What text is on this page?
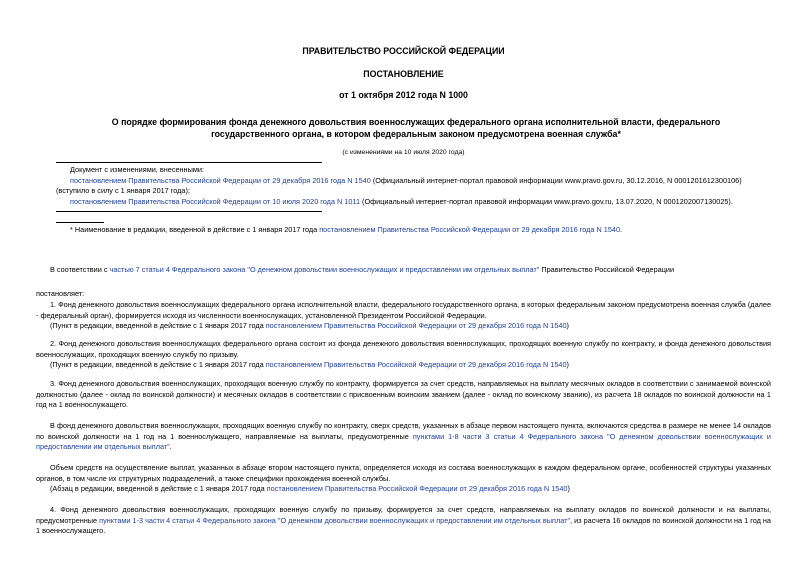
ПРАВИТЕЛЬСТВО РОССИЙСКОЙ ФЕДЕРАЦИИ
ПОСТАНОВЛЕНИЕ
от 1 октября 2012 года N 1000
О порядке формирования фонда денежного довольствия военнослужащих федерального органа исполнительной власти, федерального государственного органа, в котором федеральным законом предусмотрена военная служба*
(с изменениями на 10 июля 2020 года)

Документ с изменениями, внесенными:

постановлением Правительства Российской Федерации от 29 декабря 2016 года N 1540 (Официальный интернет-портал правовой информации www.pravo.gov.ru, 30.12.2016, N 0001201612300106) (вступило в силу с 1 января 2017 года);

постановлением Правительства Российской Федерации от 10 июля 2020 года N 1011 (Официальный интернет-портал правовой информации www.pravo.gov.ru, 13.07.2020, N 0001202007130025).

* Наименование в редакции, введенной в действие с 1 января 2017 года постановлением Правительства Российской Федерации от 29 декабря 2016 года N 1540.

В соответствии с частью 7 статьи 4 Федерального закона "О денежном довольствии военнослужащих и предоставлении им отдельных выплат" Правительство Российской Федерации

постановляет:

1. Фонд денежного довольствия военнослужащих федерального органа исполнительной власти, федерального государственного органа, в которых федеральным законом предусмотрена военная служба (далее - федеральный орган), формируется исходя из численности военнослужащих, установленной Президентом Российской Федерации.

(Пункт в редакции, введенной в действие с 1 января 2017 года постановлением Правительства Российской Федерации от 29 декабря 2016 года N 1540)

2. Фонд денежного довольствия военнослужащих федерального органа состоит из фонда денежного довольствия военнослужащих, проходящих военную службу по контракту, и фонда денежного довольствия военнослужащих, проходящих военную службу по призыву.

(Пункт в редакции, введенной в действие с 1 января 2017 года постановлением Правительства Российской Федерации от 29 декабря 2016 года N 1540)

3. Фонд денежного довольствия военнослужащих, проходящих военную службу по контракту, формируется за счет средств, направляемых на выплату месячных окладов в соответствии с занимаемой воинской должностью (далее - оклад по воинской должности) и месячных окладов в соответствии с присвоенным воинским званием (далее - оклад по воинскому званию), из расчета 18 окладов по воинской должности на 1 год на 1 военнослужащего.

В фонд денежного довольствия военнослужащих, проходящих военную службу по контракту, сверх средств, указанных в абзаце первом настоящего пункта, включаются средства в размере не менее 14 окладов по воинской должности на 1 год на 1 военнослужащего, направляемые на выплаты, предусмотренные пунктами 1-8 части 3 статьи 4 Федерального закона "О денежном довольствии военнослужащих и предоставлении им отдельных выплат".

Объем средств на осуществление выплат, указанных в абзаце втором настоящего пункта, определяется исходя из состава военнослужащих в каждом федеральном органе, особенностей структуры указанных органов, в том числе их структурных подразделений, а также специфики прохождения военной службы.

(Абзац в редакции, введенной в действие с 1 января 2017 года постановлением Правительства Российской Федерации от 29 декабря 2016 года N 1540)

4. Фонд денежного довольствия военнослужащих, проходящих военную службу по призыву, формируется за счет средств, направляемых на выплату окладов по воинской должности и на выплаты, предусмотренные пунктами 1-3 части 4 статьи 4 Федерального закона "О денежном довольствии военнослужащих и предоставлении им отдельных выплат", из расчета 16 окладов по воинской должности на 1 год на 1 военнослужащего.
